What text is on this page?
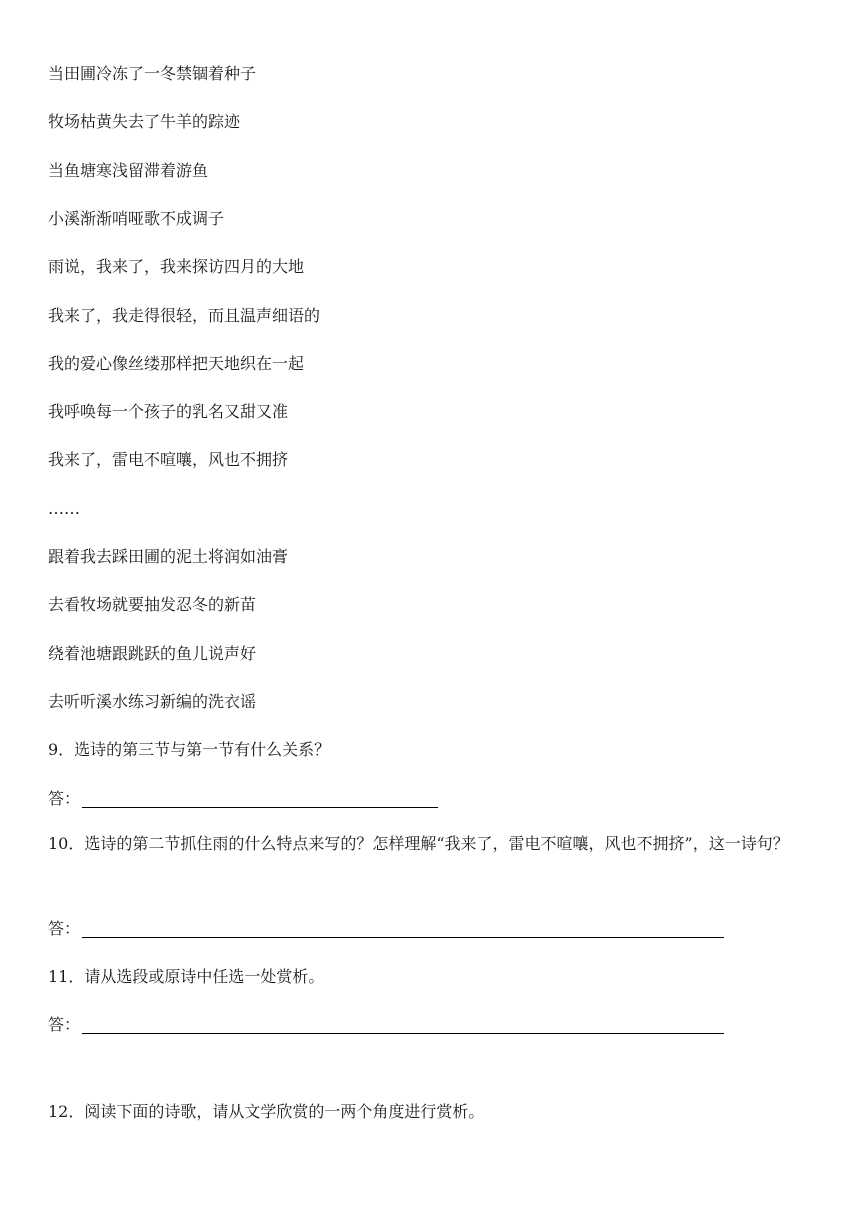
当田圃冷冻了一冬禁锢着种子
牧场枯黄失去了牛羊的踪迹
当鱼塘寒浅留滞着游鱼
小溪渐渐哨哑歌不成调子
雨说，我来了，我来探访四月的大地
我来了，我走得很轻，而且温声细语的
我的爱心像丝缕那样把天地织在一起
我呼唤每一个孩子的乳名又甜又准
我来了，雷电不喧嚷，风也不拥挤
……
跟着我去踩田圃的泥土将润如油膏
去看牧场就要抽发忍冬的新苗
绕着池塘跟跳跃的鱼儿说声好
去听听溪水练习新编的洗衣谣
9．选诗的第三节与第一节有什么关系？
答：
10．选诗的第二节抓住雨的什么特点来写的？怎样理解“我来了，雷电不喧嚷，风也不拥挤”，这一诗句？
答：
11．请从选段或原诗中任选一处赏析。
答：
12．阅读下面的诗歌，请从文学欣赏的一两个角度进行赏析。
